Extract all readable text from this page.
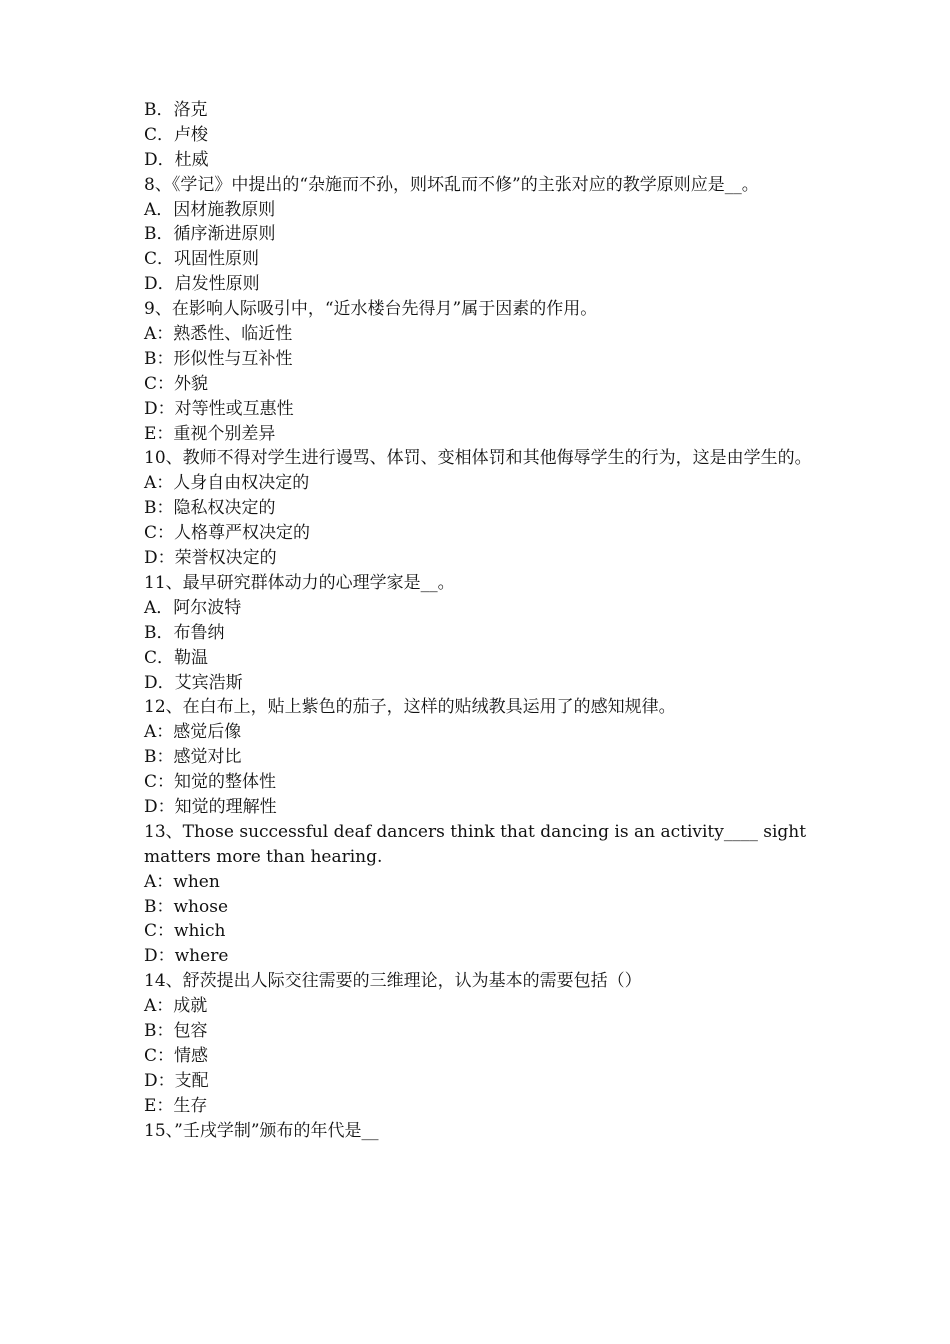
B．洛克

C．卢梭

D．杜威

8、《学记》中提出的“杂施而不孙，则坏乱而不修”的主张对应的教学原则应是__。

A．因材施教原则

B．循序渐进原则

C．巩固性原则

D．启发性原则

9、在影响人际吸引中，“近水楼台先得月”属于因素的作用。

A：熟悉性、临近性

B：形似性与互补性

C：外貌

D：对等性或互惠性

E：重视个别差异

10、教师不得对学生进行谩骂、体罚、变相体罚和其他侮辱学生的行为，这是由学生的。

A：人身自由权决定的

B：隐私权决定的

C：人格尊严权决定的

D：荣誉权决定的

11、最早研究群体动力的心理学家是__。

A．阿尔波特

B．布鲁纳

C．勒温

D．艾宾浩斯

12、在白布上，贴上紫色的茄子，这样的贴绒教具运用了的感知规律。

A：感觉后像

B：感觉对比

C：知觉的整体性

D：知觉的理解性

13、Those successful deaf dancers think that dancing is an activity____ sight matters more than hearing.

A：when

B：whose

C：which

D：where

14、舒茨提出人际交往需要的三维理论，认为基本的需要包括（）

A：成就

B：包容

C：情感

D：支配

E：生存

15、”壬戌学制”颁布的年代是__
